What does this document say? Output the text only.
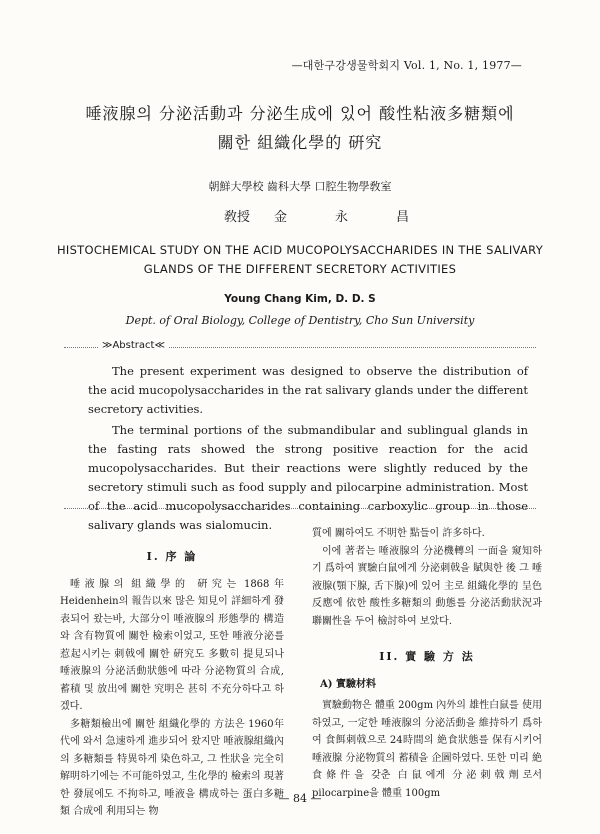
—대한구강생물학회지 Vol. 1, No. 1, 1977—
唾液腺의 分泌活動과 分泌生成에 있어 酸性粘液多糖類에
關한 組織化學的 硏究
朝鮮大學校 齒科大學 口腔生物學敎室
敎授 金	永	昌
HISTOCHEMICAL STUDY ON THE ACID MUCOPOLYSACCHARIDES IN THE SALIVARY
GLANDS OF THE DIFFERENT SECRETORY ACTIVITIES
Young Chang Kim, D. D. S
Dept. of Oral Biology, College of Dentistry, Cho Sun University
≫Abstract≪

The present experiment was designed to observe the distribution of the acid mucopolysaccharides in the rat salivary glands under the different secretory activities.

The terminal portions of the submandibular and sublingual glands in the fasting rats showed the strong positive reaction for the acid mucopolysaccharides. But their reactions were slightly reduced by the secretory stimuli such as food supply and pilocarpine administration. Most of the acid mucopolysaccharides containing carboxylic group in those salivary glands was sialomucin.

I. 序 論

唾液腺의 組織學的 硏究는 1868年 Heidenhein의 報告以來 많은 知見이 詳細하게 發表되어 왔는바, 大部分이 唾液腺의 形態學的 構造와 含有物質에 關한 檢索이었고, 또한 唾液分泌를 惹起시키는 刺戟에 關한 硏究도 多數히 提見되나 唾液腺의 分泌活動狀態에 따라 分泌物質의 合成, 蓄積 및 放出에 關한 究明은 甚히 不充分하다고 하겠다.

多糖類檢出에 關한 組織化學的 方法은 1960年代에 와서 急速하게 進步되어 왔지만 唾液腺組織內의 多糖類를 特異하게 染色하고, 그 性狀을 完全히 解明하기에는 不可能하였고, 生化學的 檢索의 現著한 發展에도 不拘하고, 唾液을 構成하는 蛋白多糖類 合成에 利用되는 物

質에 關하여도 不明한 點들이 許多하다.

이에 著者는 唾液腺의 分泌機轉의 一面을 窺知하기 爲하여 實驗白鼠에게 分泌刺戟을 賦與한 後 그 唾液腺(顎下腺, 舌下腺)에 있어 主로 組織化學的 呈色反應에 依한 酸性多糖類의 動態를 分泌活動狀況과 聯關性을 두어 檢討하여 보았다.

II. 實 驗 方 法
A) 實驗材料

實驗動物은 體重 200gm 內外의 雄性白鼠를 使用하였고, 一定한 唾液腺의 分泌活動을 維持하기 爲하여 食餌刺戟으로 24時間의 絶食狀態를 保有시키어 唾液腺 分泌物質의 蓄積을 企圖하였다. 또한 미리 絶食條件을 갖춘 白鼠에게 分泌刺戟劑로서 pilocarpine을 體重 100gm

— 84 —
